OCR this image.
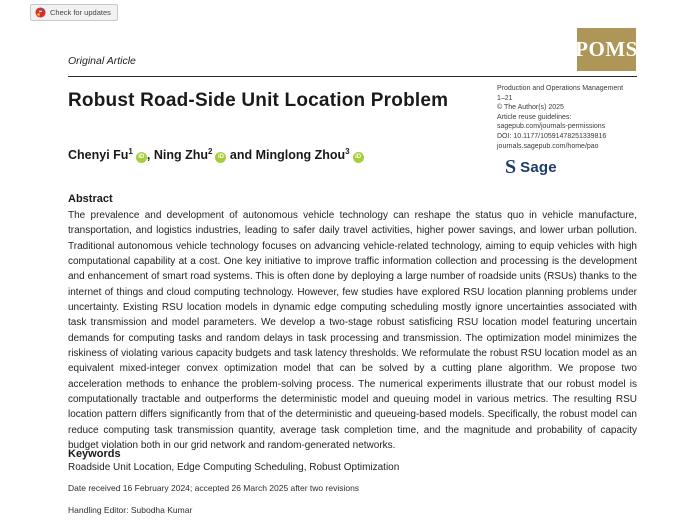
Check for updates
Original Article	POMS
Production and Operations Management
1–21
© The Author(s) 2025
Article reuse guidelines:
sagepub.com/journals-permissions
DOI: 10.1177/10591478251339816
journals.sagepub.com/home/pao
S Sage
Robust Road-Side Unit Location Problem
Chenyi Fu$^1$iD , Ning Zhu$^2$iD and Minglong Zhou$^3$iD
Abstract
The prevalence and development of autonomous vehicle technology can reshape the status quo in vehicle manufacture, transportation, and logistics industries, leading to safer daily travel activities, higher power savings, and lower urban pollution. Traditional autonomous vehicle technology focuses on advancing vehicle-related technology, aiming to equip vehicles with high computational capability at a cost. One key initiative to improve traffic information collection and processing is the development and enhancement of smart road systems. This is often done by deploying a large number of roadside units (RSUs) thanks to the internet of things and cloud computing technology. However, few studies have explored RSU location planning problems under uncertainty. Existing RSU location models in dynamic edge computing scheduling mostly ignore uncertainties associated with task transmission and model parameters. We develop a two-stage robust satisficing RSU location model featuring uncertain demands for computing tasks and random delays in task processing and transmission. The optimization model minimizes the riskiness of violating various capacity budgets and task latency thresholds. We reformulate the robust RSU location model as an equivalent mixed-integer convex optimization model that can be solved by a cutting plane algorithm. We propose two acceleration methods to enhance the problem-solving process. The numerical experiments illustrate that our robust model is computationally tractable and outperforms the deterministic model and queuing model in various metrics. The resulting RSU location pattern differs significantly from that of the deterministic and queueing-based models. Specifically, the robust model can reduce computing task transmission quantity, average task completion time, and the magnitude and probability of capacity budget violation both in our grid network and random-generated networks.
Keywords
Roadside Unit Location, Edge Computing Scheduling, Robust Optimization
Date received 16 February 2024; accepted 26 March 2025 after two revisions
Handling Editor: Subodha Kumar
